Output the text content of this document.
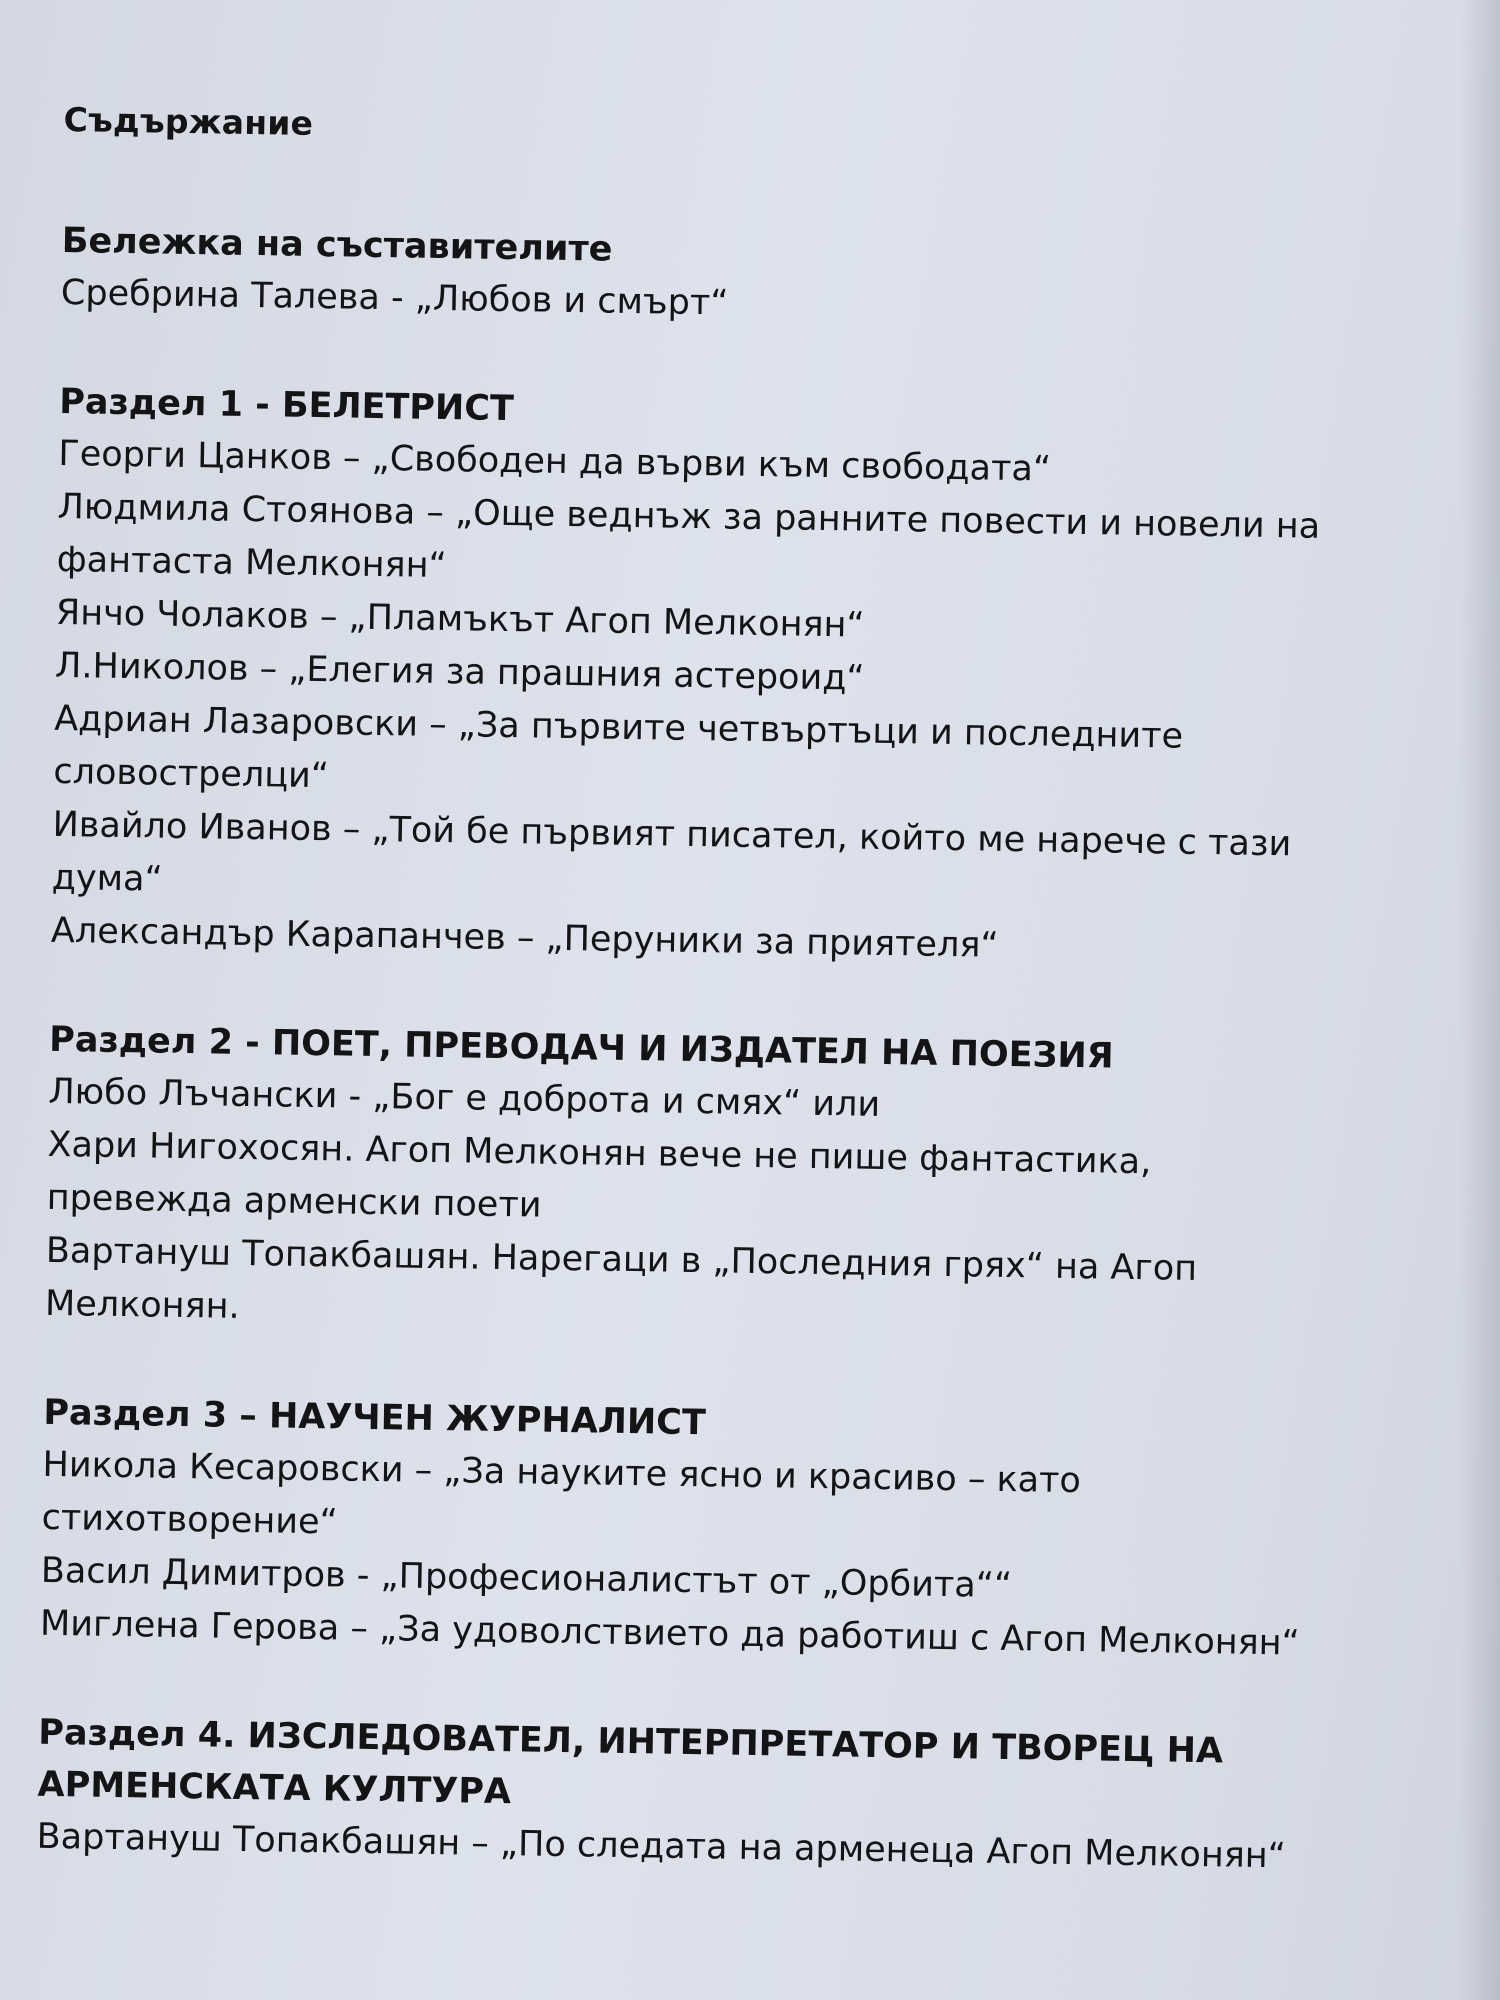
Съдържание
Бележка на съставителите
Сребрина Талева - „Любов и смърт“
Раздел 1 - БЕЛЕТРИСТ
Георги Цанков – „Свободен да върви към свободата“
Людмила Стоянова – „Още веднъж за ранните повести и новели на фантаста Мелконян“
Янчо Чолаков – „Пламъкът Агоп Мелконян“
Л.Николов – „Елегия за прашния астероид“
Адриан Лазаровски – „За първите четвъртъци и последните словострелци“
Ивайло Иванов – „Той бе първият писател, който ме нарече с тази дума“
Александър Карапанчев – „Перуники за приятеля“
Раздел 2 - ПОЕТ, ПРЕВОДАЧ И ИЗДАТЕЛ НА ПОЕЗИЯ
Любо Лъчански - „Бог е доброта и смях“ или
Хари Нигохосян. Агоп Мелконян вече не пише фантастика, превежда арменски поети
Вартануш Топакбашян. Нарегаци в „Последния грях“ на Агоп Мелконян.
Раздел 3 – НАУЧЕН ЖУРНАЛИСТ
Никола Кесаровски – „За науките ясно и красиво – като стихотворение“
Васил Димитров - „Професионалистът от „Орбита““
Миглена Герова – „За удоволствието да работиш с Агоп Мелконян“
Раздел 4. ИЗСЛЕДОВАТЕЛ, ИНТЕРПРЕТАТОР И ТВОРЕЦ НА АРМЕНСКАТА КУЛТУРА
Вартануш Топакбашян – „По следата на арменеца Агоп Мелконян“
